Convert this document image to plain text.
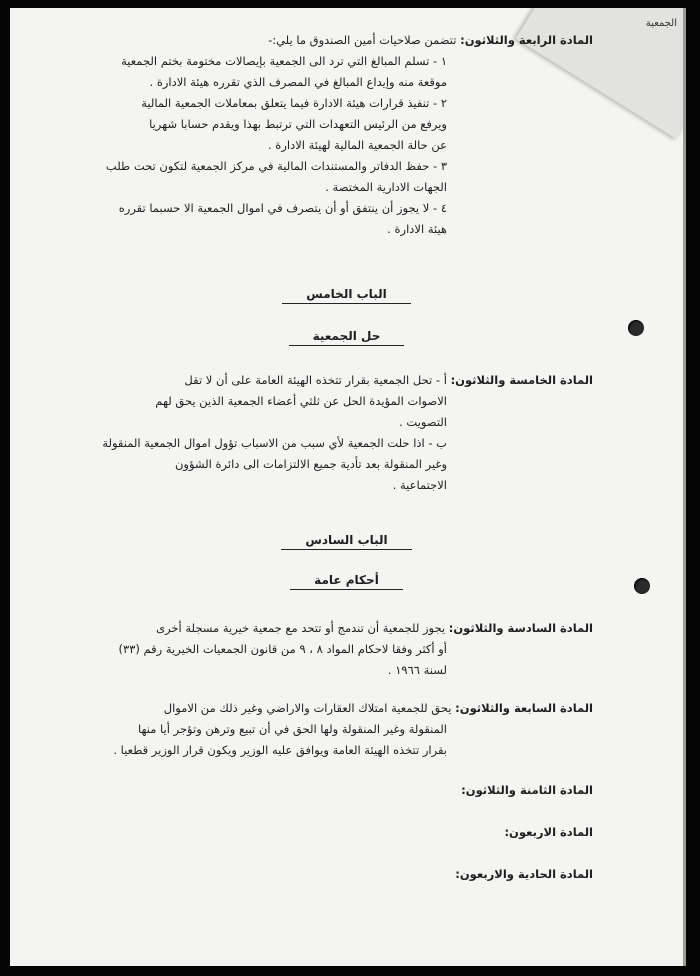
الجمعية
المادة الرابعة والثلاثون: تتضمن صلاحيات أمين الصندوق ما يلي:-
١ - تسلم المبالغ التي ترد الى الجمعية بإيصالات مختومة بختم الجمعية
موقعة منه وإيداع المبالغ في المصرف الذي تقرره هيئة الادارة .
٢ - تنفيذ قرارات هيئة الادارة فيما يتعلق بمعاملات الجمعية المالية
ويرفع من الرئيس التعهدات التي ترتبط بهذا ويقدم حسابا شهريا
عن حالة الجمعية المالية لهيئة الادارة .
٣ - حفظ الدفاتر والمستندات المالية في مركز الجمعية لتكون تحت طلب
الجهات الادارية المختصة .
٤ - لا يجوز أن ينتفق أو أن يتصرف في اموال الجمعية الا حسبما تقرره
هيئة الادارة .
الباب الخامس
حل الجمعية
المادة الخامسة والثلاثون: أ - تحل الجمعية بقرار تتخذه الهيئة العامة على أن لا تقل
الاصوات المؤيدة الحل عن ثلثي أعضاء الجمعية الذين يحق لهم
التصويت .
ب - اذا حلت الجمعية لأي سبب من الاسباب تؤول اموال الجمعية المنقولة
وغير المنقولة بعد تأدية جميع الالتزامات الى دائرة الشؤون
الاجتماعية .
الباب السادس
أحكام عامة
المادة السادسة والثلاثون: يجوز للجمعية أن تندمج أو تتحد مع جمعية خيرية مسجلة أخرى
أو أكثر وفقا لاحكام المواد ٨ ، ٩ من قانون الجمعيات الخيرية رقم (٣٣)
لسنة ١٩٦٦ .
المادة السابعة والثلاثون: يحق للجمعية امتلاك العقارات والاراضي وغير ذلك من الاموال
المنقولة وغير المنقولة ولها الحق في أن تبيع وترهن وتؤجر أيا منها
بقرار تتخذه الهيئة العامة ويوافق عليه الوزير ويكون قرار الوزير قطعيا .
المادة الثامنة والثلاثون:
المادة الاربعون:
المادة الحادية والاربعون:
